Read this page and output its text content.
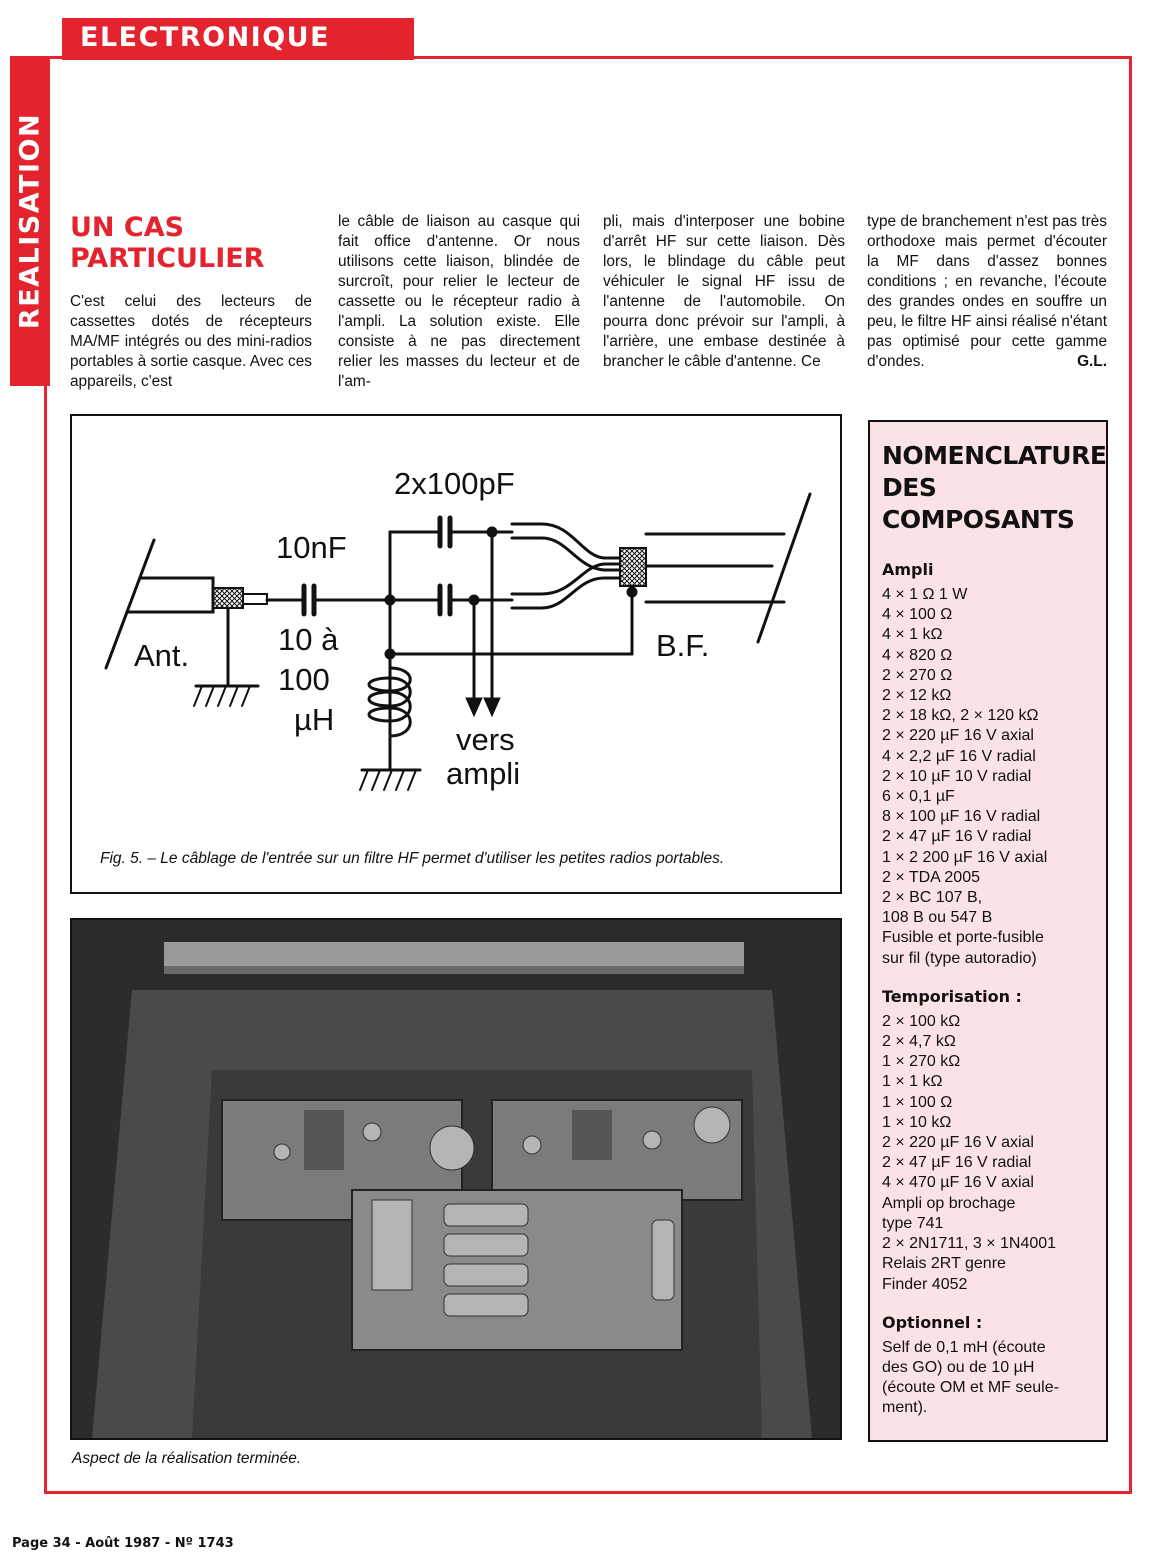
ELECTRONIQUE
REALISATION UN CAS PARTICULIER

C'est celui des lecteurs de cassettes dotés de récepteurs MA/MF intégrés ou des mini-radios portables à sortie casque. Avec ces appareils, c'est

le câble de liaison au casque qui fait office d'antenne. Or nous utilisons cette liaison, blindée de surcroît, pour relier le lecteur de cassette ou le récepteur radio à l'ampli. La solution existe. Elle consiste à ne pas directement relier les masses du lecteur et de l'am-

pli, mais d'interposer une bobine d'arrêt HF sur cette liaison. Dès lors, le blindage du câble peut véhiculer le signal HF issu de l'antenne de l'automobile. On pourra donc prévoir sur l'ampli, à l'arrière, une embase destinée à brancher le câble d'antenne. Ce

type de branchement n'est pas très orthodoxe mais permet d'écouter la MF dans d'assez bonnes conditions ; en revanche, l'écoute des grandes ondes en souffre un peu, le filtre HF ainsi réalisé n'étant pas optimisé pour cette gamme d'ondes.	G.L.

2x100pF
10nF
Ant.	B.F.
10 à
100
µH
vers
ampli
Fig. 5. – Le câblage de l'entrée sur un filtre HF permet d'utiliser les petites radios portables.
Aspect de la réalisation terminée.
NOMENCLATURE
DES
COMPOSANTS
Ampli
4 × 1 Ω 1 W
4 × 100 Ω
4 × 1 kΩ
4 × 820 Ω
2 × 270 Ω
2 × 12 kΩ
2 × 18 kΩ, 2 × 120 kΩ
2 × 220 µF 16 V axial
4 × 2,2 µF 16 V radial
2 × 10 µF 10 V radial
6 × 0,1 µF
8 × 100 µF 16 V radial
2 × 47 µF 16 V radial
1 × 2 200 µF 16 V axial
2 × TDA 2005
2 × BC 107 B,
108 B ou 547 B
Fusible et porte-fusible
sur fil (type autoradio)
Temporisation :
2 × 100 kΩ
2 × 4,7 kΩ
1 × 270 kΩ
1 × 1 kΩ
1 × 100 Ω
1 × 10 kΩ
2 × 220 µF 16 V axial
2 × 47 µF 16 V radial
4 × 470 µF 16 V axial
Ampli op brochage
type 741
2 × 2N1711, 3 × 1N4001
Relais 2RT genre
Finder 4052
Optionnel :
Self de 0,1 mH (écoute
des GO) ou de 10 µH
(écoute OM et MF seule-
ment).
Page 34 - Août 1987 - Nº 1743
